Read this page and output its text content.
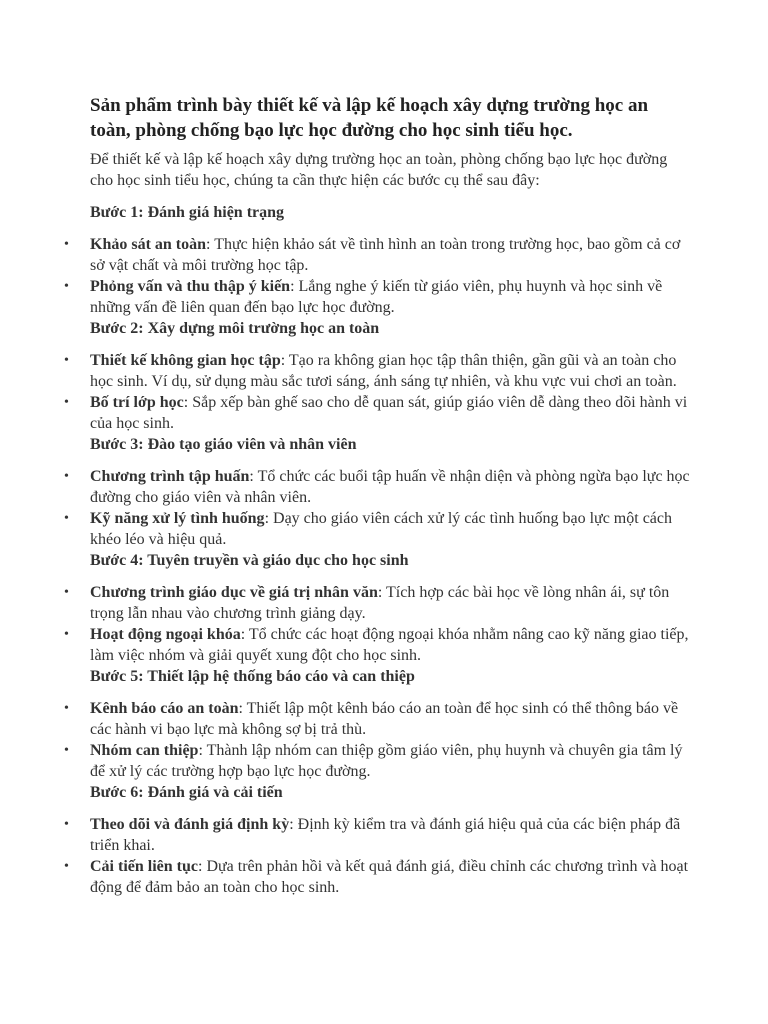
Sản phẩm trình bày thiết kế và lập kế hoạch xây dựng trường học an toàn, phòng chống bạo lực học đường cho học sinh tiểu học.

Để thiết kế và lập kế hoạch xây dựng trường học an toàn, phòng chống bạo lực học đường cho học sinh tiểu học, chúng ta cần thực hiện các bước cụ thể sau đây:

Bước 1: Đánh giá hiện trạng
• Khảo sát an toàn: Thực hiện khảo sát về tình hình an toàn trong trường học, bao gồm cả cơ sở vật chất và môi trường học tập.
• Phỏng vấn và thu thập ý kiến: Lắng nghe ý kiến từ giáo viên, phụ huynh và học sinh về những vấn đề liên quan đến bạo lực học đường.
Bước 2: Xây dựng môi trường học an toàn
• Thiết kế không gian học tập: Tạo ra không gian học tập thân thiện, gần gũi và an toàn cho học sinh. Ví dụ, sử dụng màu sắc tươi sáng, ánh sáng tự nhiên, và khu vực vui chơi an toàn.
• Bố trí lớp học: Sắp xếp bàn ghế sao cho dễ quan sát, giúp giáo viên dễ dàng theo dõi hành vi của học sinh.
Bước 3: Đào tạo giáo viên và nhân viên
• Chương trình tập huấn: Tổ chức các buổi tập huấn về nhận diện và phòng ngừa bạo lực học đường cho giáo viên và nhân viên.
• Kỹ năng xử lý tình huống: Dạy cho giáo viên cách xử lý các tình huống bạo lực một cách khéo léo và hiệu quả.
Bước 4: Tuyên truyền và giáo dục cho học sinh
• Chương trình giáo dục về giá trị nhân văn: Tích hợp các bài học về lòng nhân ái, sự tôn trọng lẫn nhau vào chương trình giảng dạy.
• Hoạt động ngoại khóa: Tổ chức các hoạt động ngoại khóa nhằm nâng cao kỹ năng giao tiếp, làm việc nhóm và giải quyết xung đột cho học sinh.
Bước 5: Thiết lập hệ thống báo cáo và can thiệp
• Kênh báo cáo an toàn: Thiết lập một kênh báo cáo an toàn để học sinh có thể thông báo về các hành vi bạo lực mà không sợ bị trả thù.
• Nhóm can thiệp: Thành lập nhóm can thiệp gồm giáo viên, phụ huynh và chuyên gia tâm lý để xử lý các trường hợp bạo lực học đường.
Bước 6: Đánh giá và cải tiến
• Theo dõi và đánh giá định kỳ: Định kỳ kiểm tra và đánh giá hiệu quả của các biện pháp đã triển khai.
• Cải tiến liên tục: Dựa trên phản hồi và kết quả đánh giá, điều chỉnh các chương trình và hoạt động để đảm bảo an toàn cho học sinh.
